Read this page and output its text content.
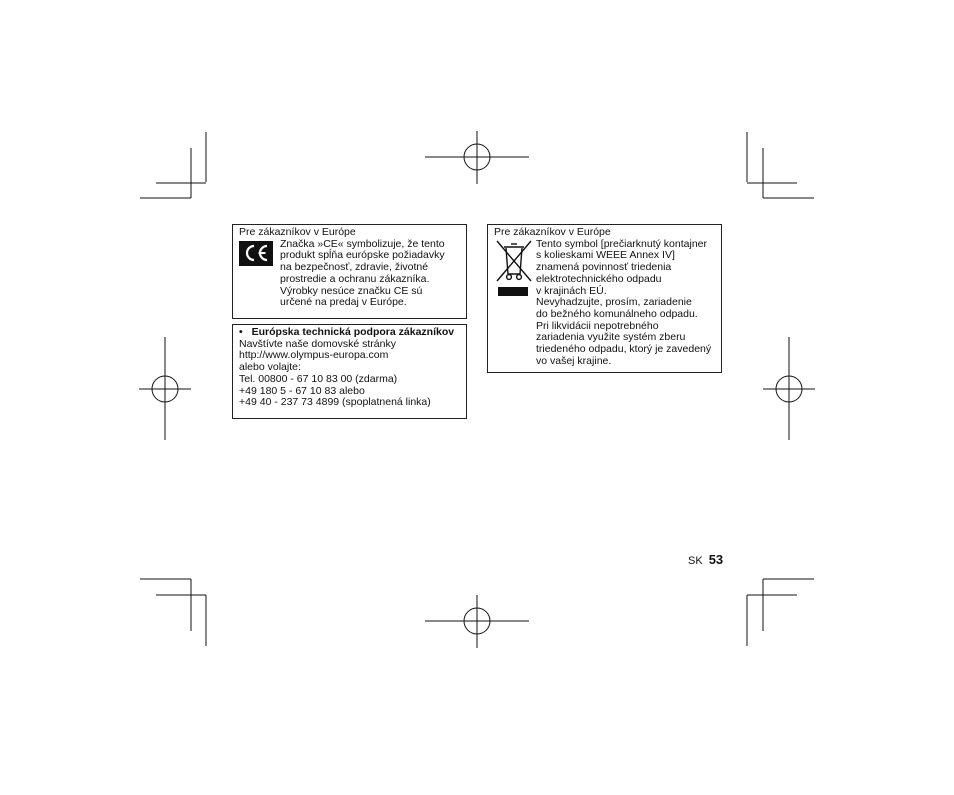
Pre zákazníkov v Európe
Značka »CE« symbolizuje, že tento
produkt spĺňa európske požiadavky
na bezpečnosť, zdravie, životné
prostredie a ochranu zákazníka.
Výrobky nesúce značku CE sú
určené na predaj v Európe.
• Európska technická podpora zákazníkov
Navštívte naše domovské stránky
http://www.olympus-europa.com
alebo volajte:
Tel. 00800 - 67 10 83 00 (zdarma)
+49 180 5 - 67 10 83 alebo
+49 40 - 237 73 4899 (spoplatnená linka)
Pre zákazníkov v Európe
Tento symbol [prečiarknutý kontajner
s kolieskami WEEE Annex IV]
znamená povinnosť triedenia
elektrotechnického odpadu
v krajinách EÚ.
Nevyhadzujte, prosím, zariadenie
do bežného komunálneho odpadu.
Pri likvidácii nepotrebného
zariadenia využite systém zberu
triedeného odpadu, ktorý je zavedený
vo vašej krajine.
SK 53
